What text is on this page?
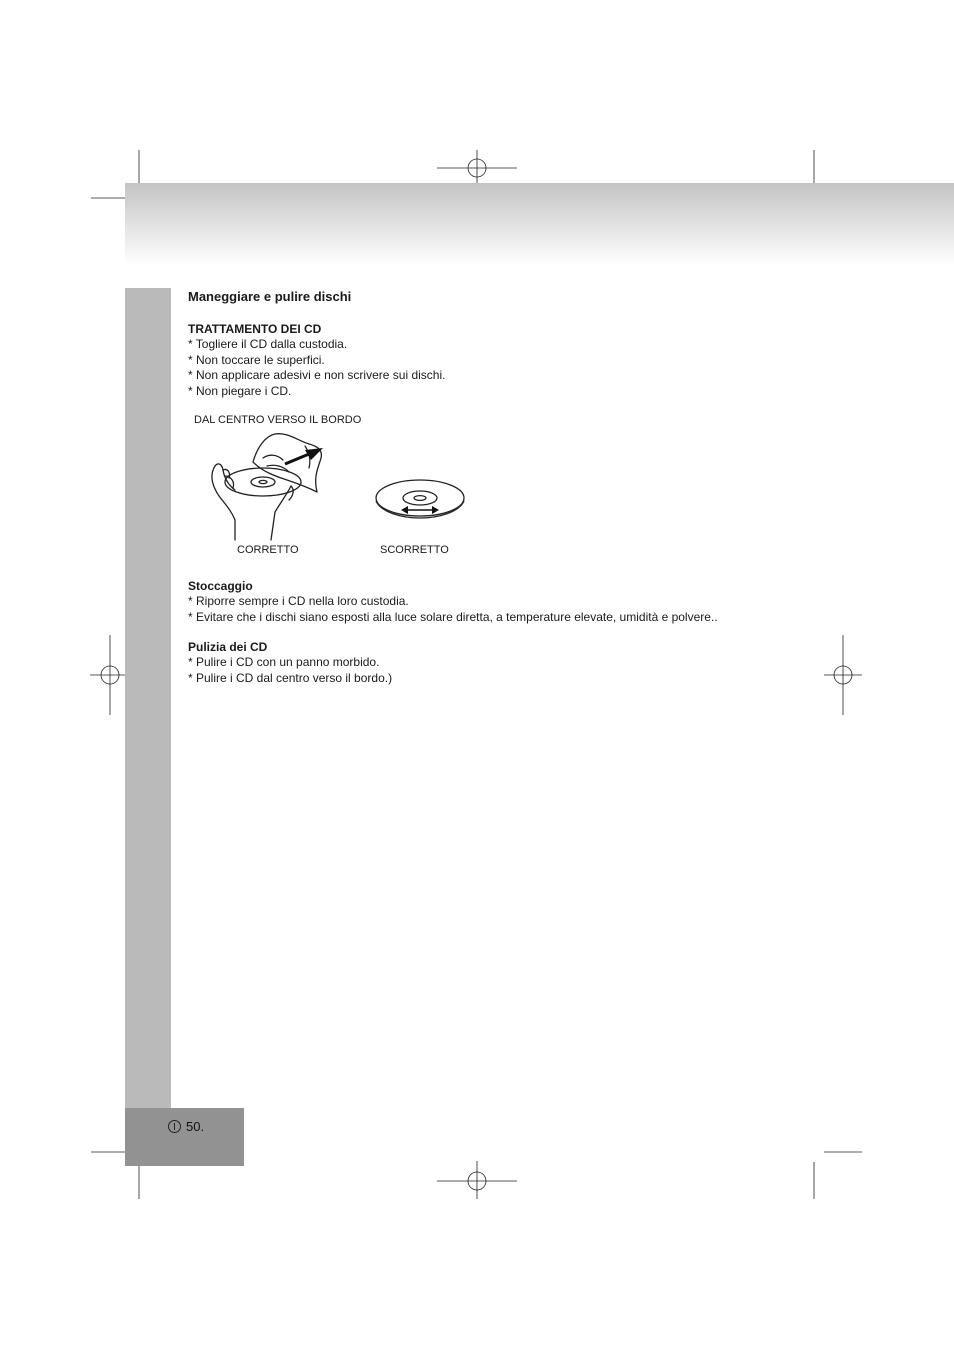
50.

Maneggiare e pulire dischi

TRATTAMENTO DEI CD

* Togliere il CD dalla custodia.

* Non toccare le superfici.

* Non applicare adesivi e non scrivere sui dischi.

* Non piegare i CD.

DAL CENTRO VERSO IL BORDO
CORRETTO	SCORRETTO

Stoccaggio

* Riporre sempre i CD nella loro custodia.

* Evitare che i dischi siano esposti alla luce solare diretta, a temperature elevate, umidità e polvere..

Pulizia dei CD

* Pulire i CD con un panno morbido.

* Pulire i CD dal centro verso il bordo.)
